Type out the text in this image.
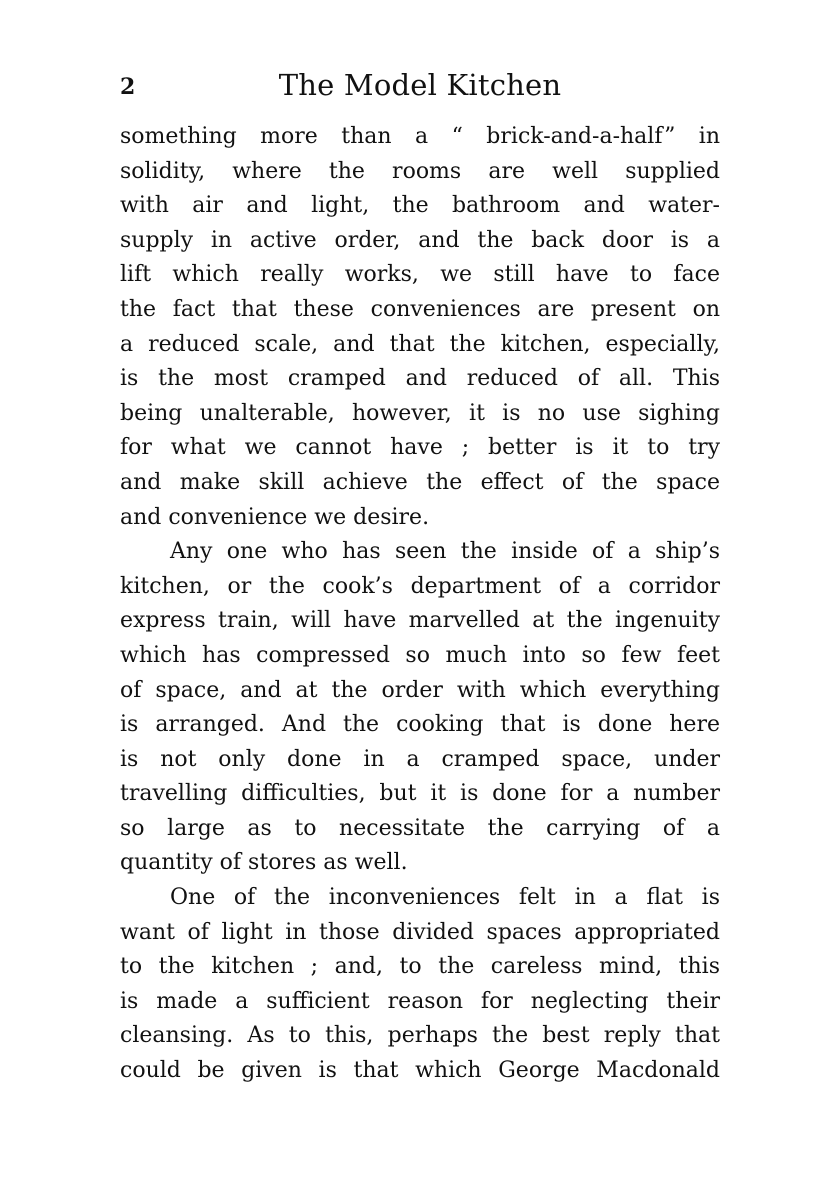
2	The Model Kitchen

something more than a “ brick-and-a-half” in
solidity, where the rooms are well supplied
with air and light, the bathroom and water-
supply in active order, and the back door is a
lift which really works, we still have to face
the fact that these conveniences are present on
a reduced scale, and that the kitchen, especially,
is the most cramped and reduced of all. This
being unalterable, however, it is no use sighing
for what we cannot have ; better is it to try
and make skill achieve the effect of the space
and convenience we desire.

Any one who has seen the inside of a ship’s
kitchen, or the cook’s department of a corridor
express train, will have marvelled at the ingenuity
which has compressed so much into so few feet
of space, and at the order with which everything
is arranged. And the cooking that is done here
is not only done in a cramped space, under
travelling difficulties, but it is done for a number
so large as to necessitate the carrying of a
quantity of stores as well.

One of the inconveniences felt in a flat is
want of light in those divided spaces appropriated
to the kitchen ; and, to the careless mind, this
is made a sufficient reason for neglecting their
cleansing. As to this, perhaps the best reply that
could be given is that which George Macdonald
